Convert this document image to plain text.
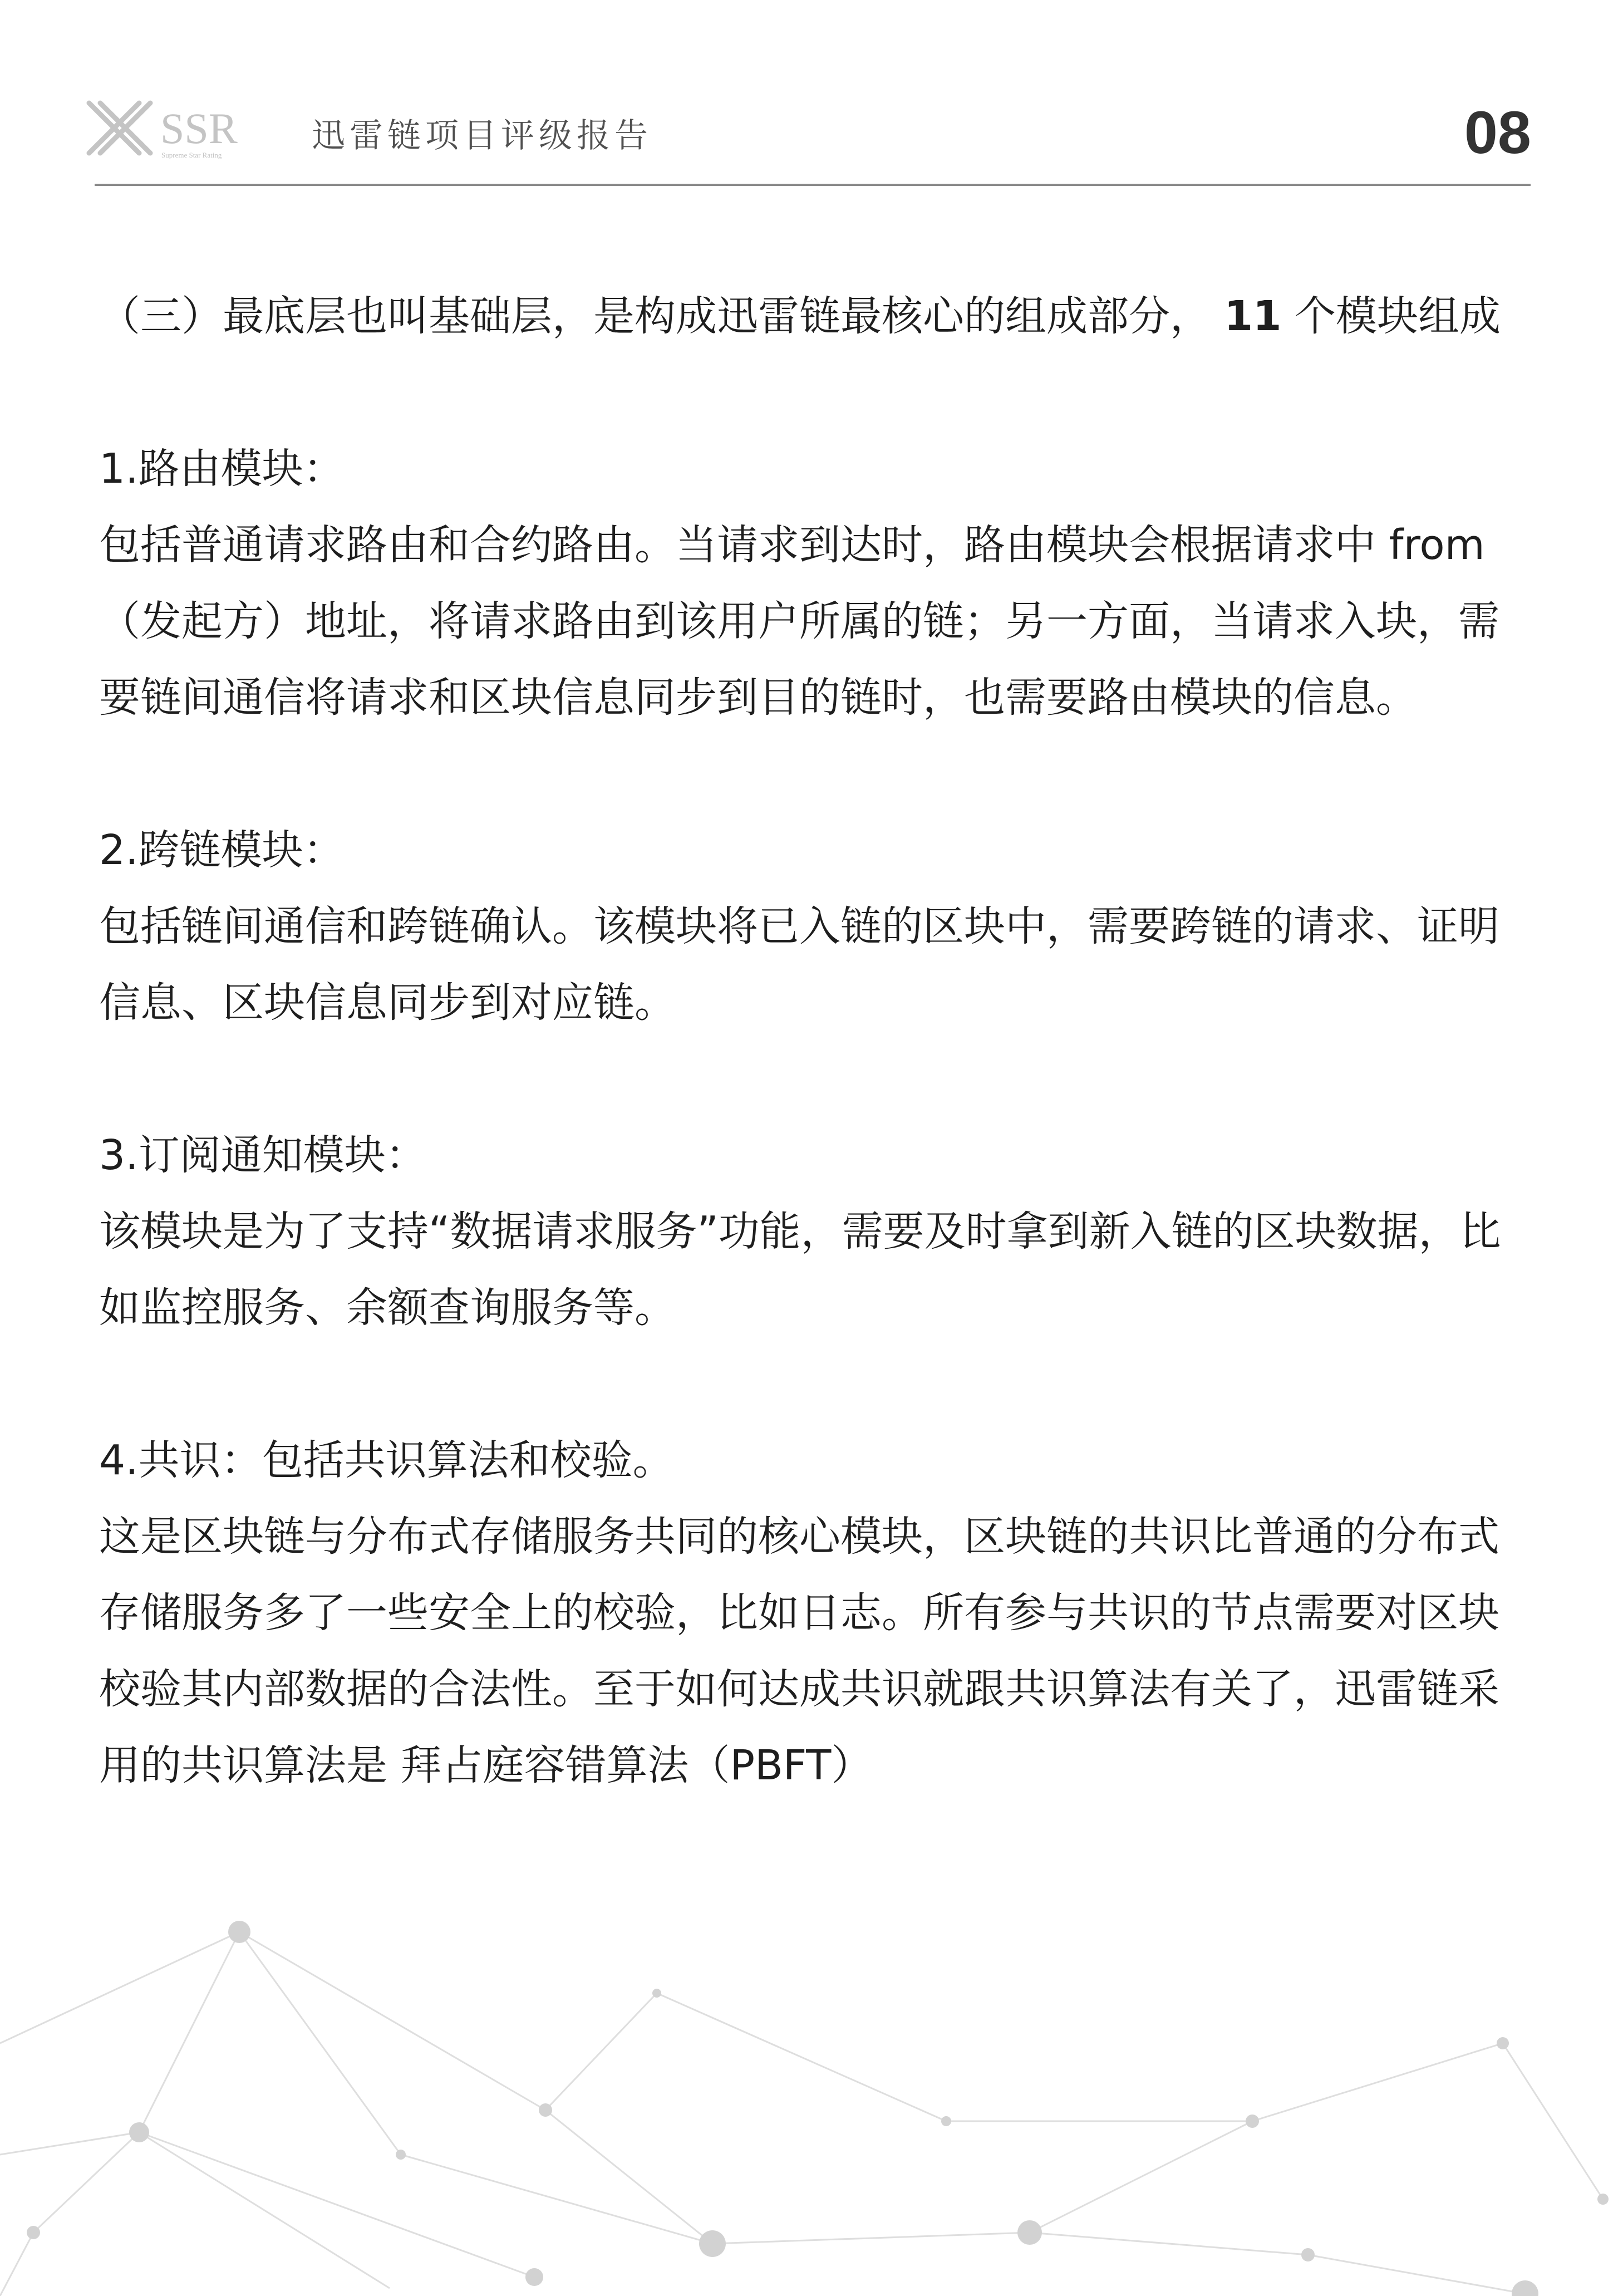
SSR
Supreme Star Rating	迅雷链项目评级报告	08

（三）最底层也叫基础层，是构成迅雷链最核心的组成部分， 11 个模块组成

1.路由模块：

包括普通请求路由和合约路由。当请求到达时，路由模块会根据请求中 from（发起方）地址，将请求路由到该用户所属的链；另一方面，当请求入块，需要链间通信将请求和区块信息同步到目的链时，也需要路由模块的信息。

2.跨链模块：

包括链间通信和跨链确认。该模块将已入链的区块中，需要跨链的请求、证明信息、区块信息同步到对应链。

3.订阅通知模块：

该模块是为了支持“数据请求服务”功能，需要及时拿到新入链的区块数据，比如监控服务、余额查询服务等。

4.共识：包括共识算法和校验。

这是区块链与分布式存储服务共同的核心模块，区块链的共识比普通的分布式存储服务多了一些安全上的校验，比如日志。所有参与共识的节点需要对区块校验其内部数据的合法性。至于如何达成共识就跟共识算法有关了，迅雷链采用的共识算法是 拜占庭容错算法（PBFT）
